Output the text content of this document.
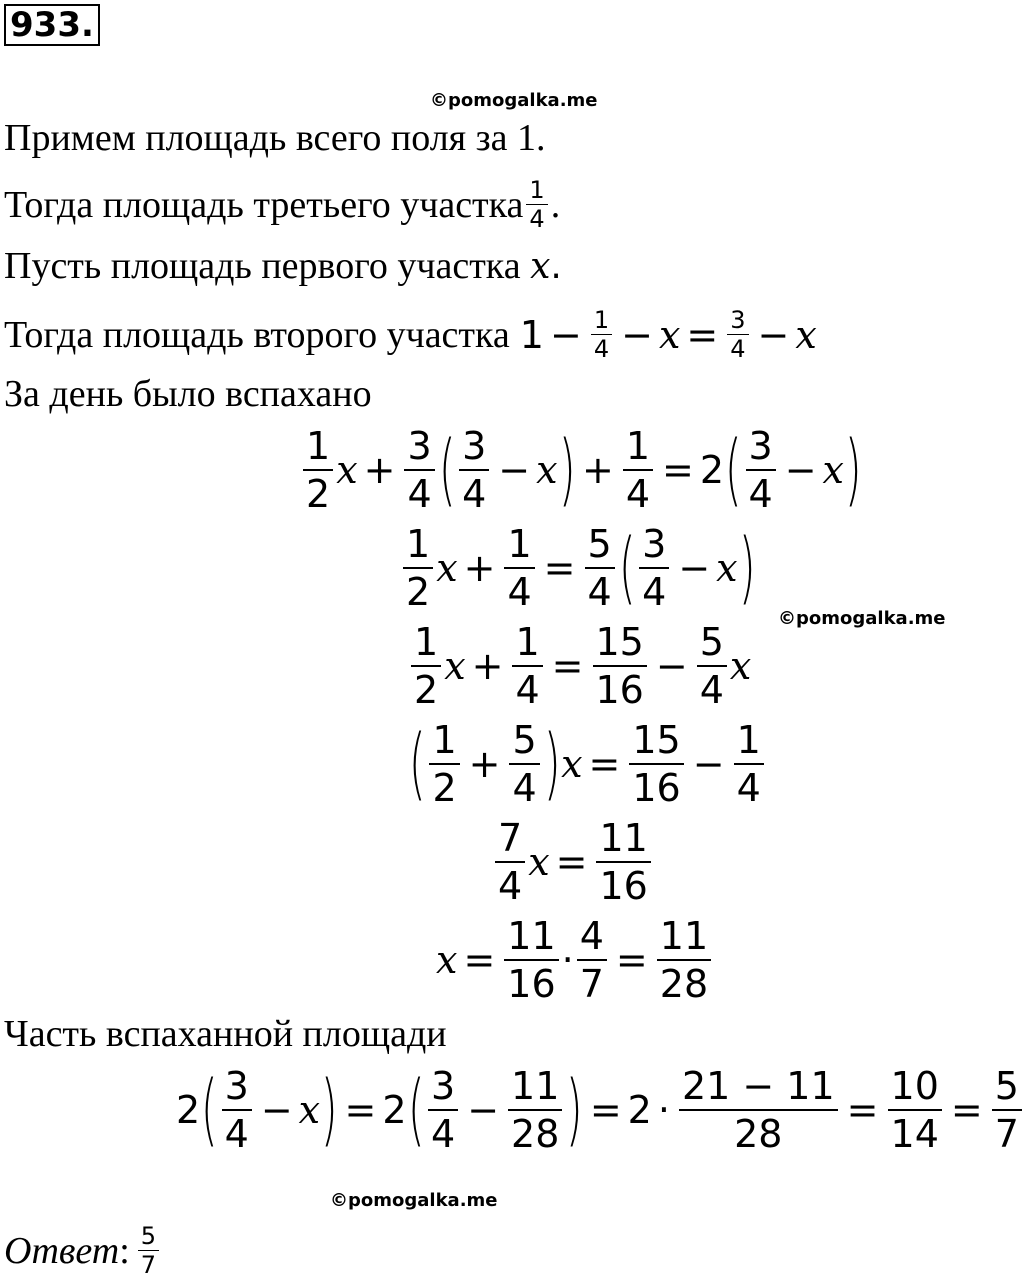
933.
©pomogalka.me
©pomogalka.me
©pomogalka.me
Примем площадь всего поля за 1.
Тогда площадь третьего участка 1
4 .
Пусть площадь первого участка x .
Тогда площадь второго участка $1 - \frac{1}{4} - x = \frac{3}{4} - x$
За день было вспахано
1
2
$x + \frac{3}{4}$ ( 3
4
− x ) + $\frac{1}{4} = 2$ ( 3
4
− x )
1
2
$x + \frac{1}{4} = \frac{5}{4}$ ( 3
4
− x )
1
2
$x + \frac{1}{4} = \frac{15}{16} - \frac{5}{4}$ x
( 1
2
+ $\frac{5}{4}$ ) $x = \frac{15}{16} - \frac{1}{4}$
7
4
$x = \frac{11}{16}$
$x = \frac{11}{16} \cdot \frac{4}{7} = \frac{11}{28}$
Часть вспаханной площади
2 ( 3
4
− x ) = 2 ( 3
4
− $\frac{11}{28}$ ) = $2 \cdot \frac{21 - 11}{28} = \frac{10}{14} = \frac{5}{7}$
Ответ : 5
7
